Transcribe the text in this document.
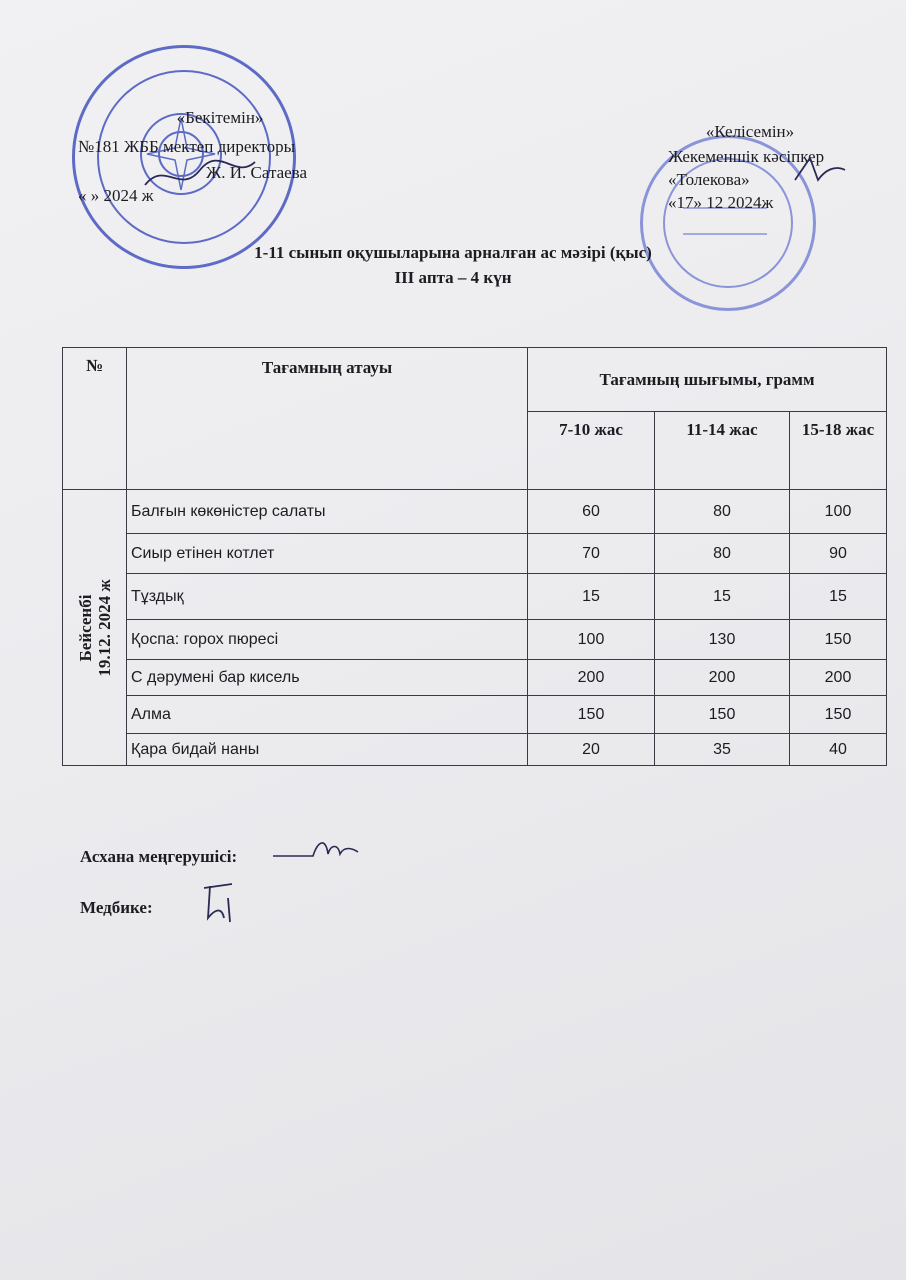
«Бекітемін»
№181 ЖББ мектеп директоры
Ж. И. Сатаева
« » 2024 ж
«Келісемін»
Жекеменшік кәсіпкер
«Толекова»
«17» 12 2024ж
1-11 сынып оқушыларына арналған ас мәзірі (қыс)
ІІІ апта – 4 күн
№	Тағамның атауы	Тағамның шығымы, грамм		
		7-10 жас	11-14 жас	15-18 жас

Бейсенбі 19.12. 2024 ж	Балғын көкөністер салаты	60	80	100
	Сиыр етінен котлет	70	80	90
	Тұздық	15	15	15
	Қоспа: горох пюресі	100	130	150
	С дәрумені бар кисель	200	200	200
	Алма	150	150	150
	Қара бидай наны	20	35	40
Асхана меңгерушісі:
Медбике:
